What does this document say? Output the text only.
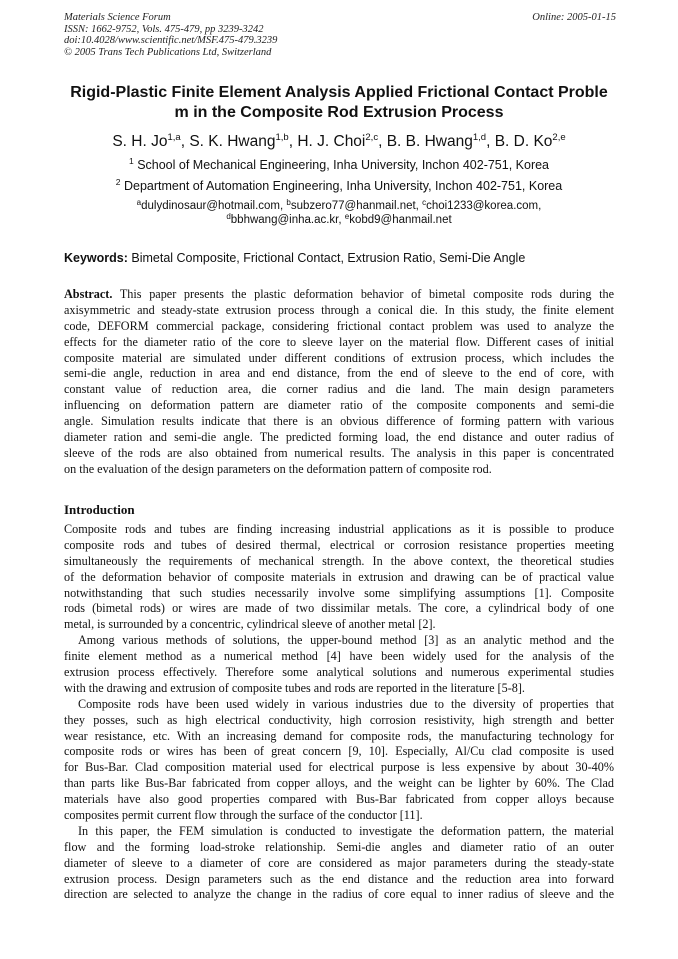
Materials Science Forum
ISSN: 1662-9752, Vols. 475-479, pp 3239-3242
doi:10.4028/www.scientific.net/MSF.475-479.3239
© 2005 Trans Tech Publications Ltd, Switzerland
Online: 2005-01-15
Rigid-Plastic Finite Element Analysis Applied Frictional Contact Proble
m in the Composite Rod Extrusion Process
S. H. Jo$^{1,a}$, S. K. Hwang$^{1,b}$, H. J. Choi$^{2,c}$, B. B. Hwang$^{1,d}$, B. D. Ko$^{2,e}$
$^1$ School of Mechanical Engineering, Inha University, Inchon 402-751, Korea
$^2$ Department of Automation Engineering, Inha University, Inchon 402-751, Korea
$^a$dulydinosaur@hotmail.com, $^b$subzero77@hanmail.net, $^c$choi1233@korea.com,
$^d$bbhwang@inha.ac.kr, $^e$kobd9@hanmail.net
Keywords: Bimetal Composite, Frictional Contact, Extrusion Ratio, Semi-Die Angle
Abstract. This paper presents the plastic deformation behavior of bimetal composite rods during the
axisymmetric and steady-state extrusion process through a conical die. In this study, the finite element
code, DEFORM commercial package, considering frictional contact problem was used to analyze the
effects for the diameter ratio of the core to sleeve layer on the material flow. Different cases of initial
composite material are simulated under different conditions of extrusion process, which includes the
semi-die angle, reduction in area and end distance, from the end of sleeve to the end of core, with
constant value of reduction area, die corner radius and die land. The main design parameters
influencing on deformation pattern are diameter ratio of the composite components and semi-die
angle. Simulation results indicate that there is an obvious difference of forming pattern with various
diameter ration and semi-die angle. The predicted forming load, the end distance and outer radius of
sleeve of the rods are also obtained from numerical results. The analysis in this paper is concentrated
on the evaluation of the design parameters on the deformation pattern of composite rod.
Introduction
Composite rods and tubes are finding increasing industrial applications as it is possible to produce
composite rods and tubes of desired thermal, electrical or corrosion resistance properties meeting
simultaneously the requirements of mechanical strength. In the above context, the theoretical studies
of the deformation behavior of composite materials in extrusion and drawing can be of practical value
notwithstanding that such studies necessarily involve some simplifying assumptions [1]. Composite
rods (bimetal rods) or wires are made of two dissimilar metals. The core, a cylindrical body of one
metal, is surrounded by a concentric, cylindrical sleeve of another metal [2].
Among various methods of solutions, the upper-bound method [3] as an analytic method and the
finite element method as a numerical method [4] have been widely used for the analysis of the
extrusion process effectively. Therefore some analytical solutions and numerous experimental studies
with the drawing and extrusion of composite tubes and rods are reported in the literature [5-8].
Composite rods have been used widely in various industries due to the diversity of properties that
they posses, such as high electrical conductivity, high corrosion resistivity, high strength and better
wear resistance, etc. With an increasing demand for composite rods, the manufacturing technology for
composite rods or wires has been of great concern [9, 10]. Especially, Al/Cu clad composite is used
for Bus-Bar. Clad composition material used for electrical purpose is less expensive by about 30-40%
than parts like Bus-Bar fabricated from copper alloys, and the weight can be lighter by 60%. The Clad
materials have also good properties compared with Bus-Bar fabricated from copper alloys because
composites permit current flow through the surface of the conductor [11].
In this paper, the FEM simulation is conducted to investigate the deformation pattern, the material
flow and the forming load-stroke relationship. Semi-die angles and diameter ratio of an outer
diameter of sleeve to a diameter of core are considered as major parameters during the steady-state
extrusion process. Design parameters such as the end distance and the reduction area into forward
direction are selected to analyze the change in the radius of core equal to inner radius of sleeve and the
